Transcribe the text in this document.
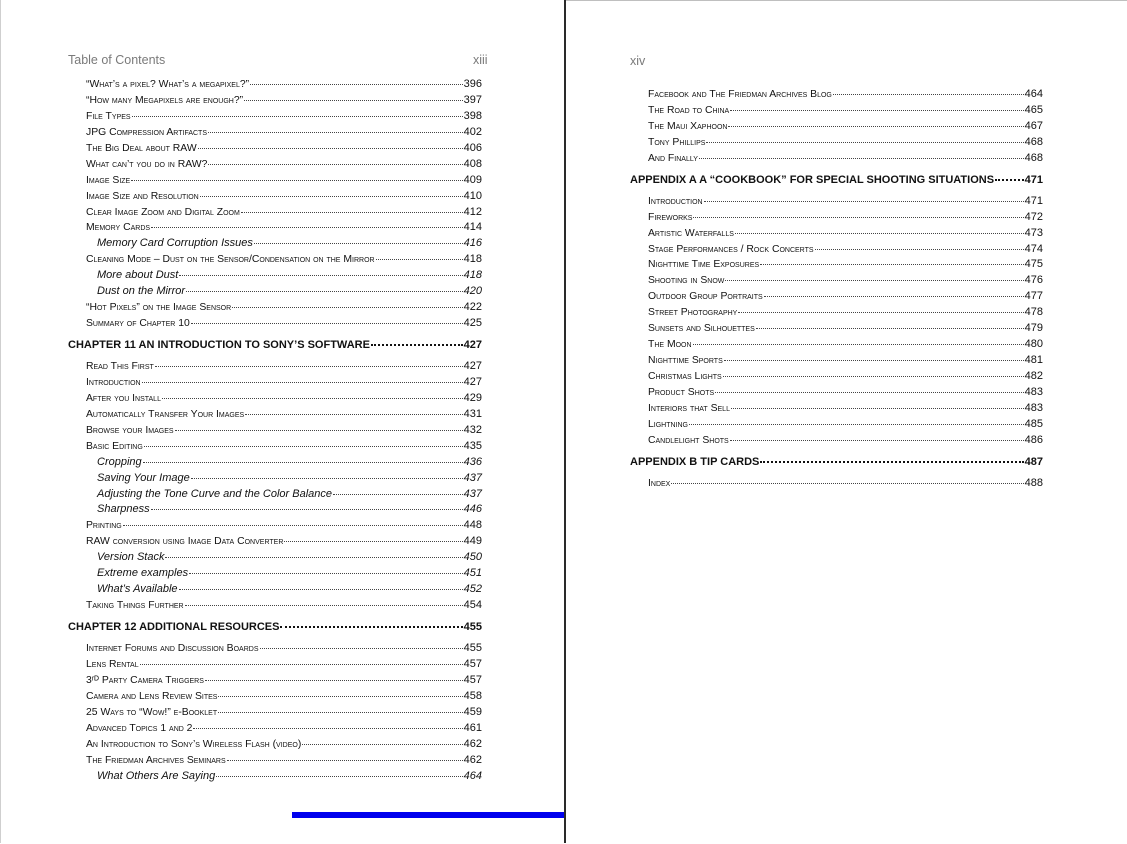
Table of Contents	xiii
“What’s a pixel? What’s a megapixel?”	396
“How many Megapixels are enough?”	397
File Types	398
JPG Compression Artifacts	402
The Big Deal about RAW	406
What can’t you do in RAW?	408
Image Size	409
Image Size and Resolution	410
Clear Image Zoom and Digital Zoom	412
Memory Cards	414
Memory Card Corruption Issues	416
Cleaning Mode – Dust on the Sensor/Condensation on the Mirror	418
More about Dust	418
Dust on the Mirror	420
“Hot Pixels” on the Image Sensor	422
Summary of Chapter 10	425
CHAPTER 11 AN INTRODUCTION TO SONY’S SOFTWARE	427
Read This First	427
Introduction	427
After you Install	429
Automatically Transfer Your Images	431
Browse your Images	432
Basic Editing	435
Cropping	436
Saving Your Image	437
Adjusting the Tone Curve and the Color Balance	437
Sharpness	446
Printing	448
RAW conversion using Image Data Converter	449
Version Stack	450
Extreme examples	451
What’s Available	452
Taking Things Further	454
CHAPTER 12 ADDITIONAL RESOURCES	455
Internet Forums and Discussion Boards	455
Lens Rental	457
3ʳᴰ Party Camera Triggers	457
Camera and Lens Review Sites	458
25 Ways to “Wow!” e-Booklet	459
Advanced Topics 1 and 2	461
An Introduction to Sony’s Wireless Flash (video)	462
The Friedman Archives Seminars	462
What Others Are Saying	464
xiv
Facebook and The Friedman Archives Blog	464
The Road to China	465
The Maui Xaphoon	467
Tony Phillips	468
And Finally	468
APPENDIX A A “COOKBOOK” FOR SPECIAL SHOOTING SITUATIONS	471
Introduction	471
Fireworks	472
Artistic Waterfalls	473
Stage Performances / Rock Concerts	474
Nighttime Time Exposures	475
Shooting in Snow	476
Outdoor Group Portraits	477
Street Photography	478
Sunsets and Silhouettes	479
The Moon	480
Nighttime Sports	481
Christmas Lights	482
Product Shots	483
Interiors that Sell	483
Lightning	485
Candlelight Shots	486
APPENDIX B TIP CARDS	487
Index	488
